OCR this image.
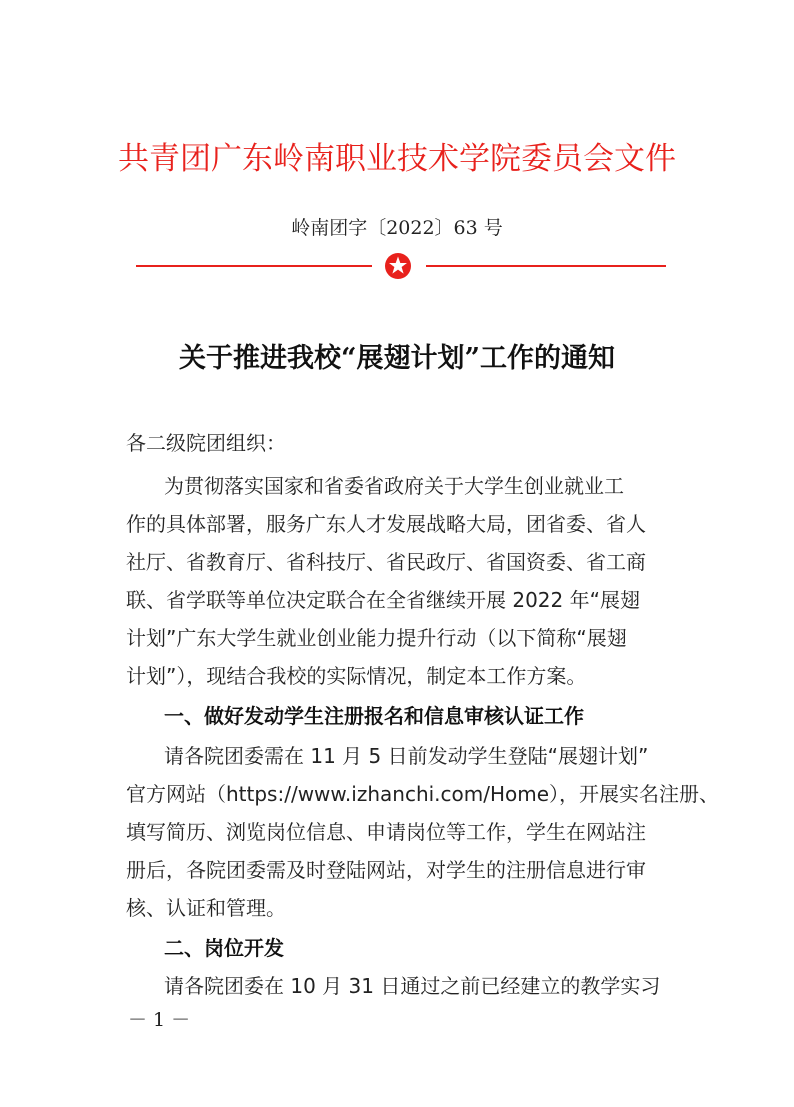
共青团广东岭南职业技术学院委员会文件
岭南团字〔2022〕63 号
关于推进我校“展翅计划”工作的通知
各二级院团组织：
为贯彻落实国家和省委省政府关于大学生创业就业工
作的具体部署，服务广东人才发展战略大局，团省委、省人
社厅、省教育厅、省科技厅、省民政厅、省国资委、省工商
联、省学联等单位决定联合在全省继续开展 2022 年“展翅
计划”广东大学生就业创业能力提升行动（以下简称“展翅
计划”），现结合我校的实际情况，制定本工作方案。
一、做好发动学生注册报名和信息审核认证工作
请各院团委需在 11 月 5 日前发动学生登陆“展翅计划”
官方网站（https://www.izhanchi.com/Home），开展实名注册、
填写简历、浏览岗位信息、申请岗位等工作，学生在网站注
册后，各院团委需及时登陆网站，对学生的注册信息进行审
核、认证和管理。
二、岗位开发
请各院团委在 10 月 31 日通过之前已经建立的教学实习
－ 1 －
